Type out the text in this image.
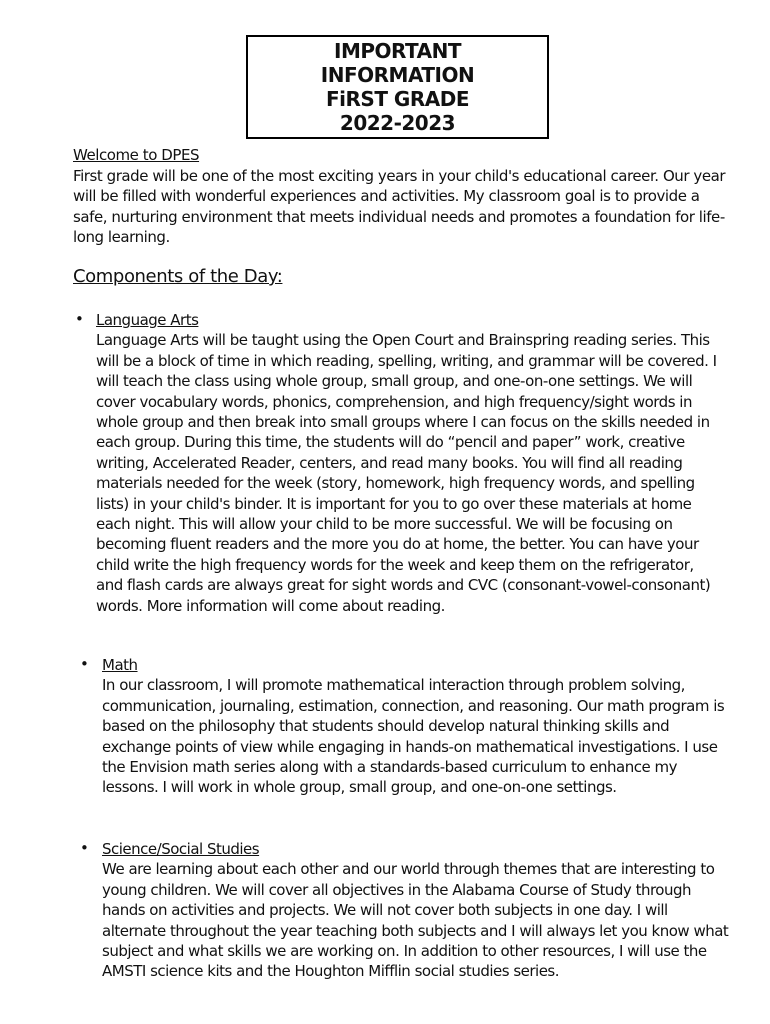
IMPORTANT
INFORMATION
FiRST GRADE
2022-2023
Welcome to DPES
First grade will be one of the most exciting years in your child's educational career. Our year will be filled with wonderful experiences and activities. My classroom goal is to provide a safe, nurturing environment that meets individual needs and promotes a foundation for life-long learning.
Components of the Day:
• Language Arts
Language Arts will be taught using the Open Court and Brainspring reading series. This will be a block of time in which reading, spelling, writing, and grammar will be covered. I will teach the class using whole group, small group, and one-on-one settings. We will cover vocabulary words, phonics, comprehension, and high frequency/sight words in whole group and then break into small groups where I can focus on the skills needed in each group. During this time, the students will do “pencil and paper” work, creative writing, Accelerated Reader, centers, and read many books. You will find all reading materials needed for the week (story, homework, high frequency words, and spelling lists) in your child's binder. It is important for you to go over these materials at home each night. This will allow your child to be more successful. We will be focusing on becoming fluent readers and the more you do at home, the better. You can have your child write the high frequency words for the week and keep them on the refrigerator, and flash cards are always great for sight words and CVC (consonant-vowel-consonant) words. More information will come about reading.
• Math
In our classroom, I will promote mathematical interaction through problem solving, communication, journaling, estimation, connection, and reasoning. Our math program is based on the philosophy that students should develop natural thinking skills and exchange points of view while engaging in hands-on mathematical investigations. I use the Envision math series along with a standards-based curriculum to enhance my lessons. I will work in whole group, small group, and one-on-one settings.
• Science/Social Studies
We are learning about each other and our world through themes that are interesting to young children. We will cover all objectives in the Alabama Course of Study through hands on activities and projects. We will not cover both subjects in one day. I will alternate throughout the year teaching both subjects and I will always let you know what subject and what skills we are working on. In addition to other resources, I will use the AMSTI science kits and the Houghton Mifflin social studies series.
